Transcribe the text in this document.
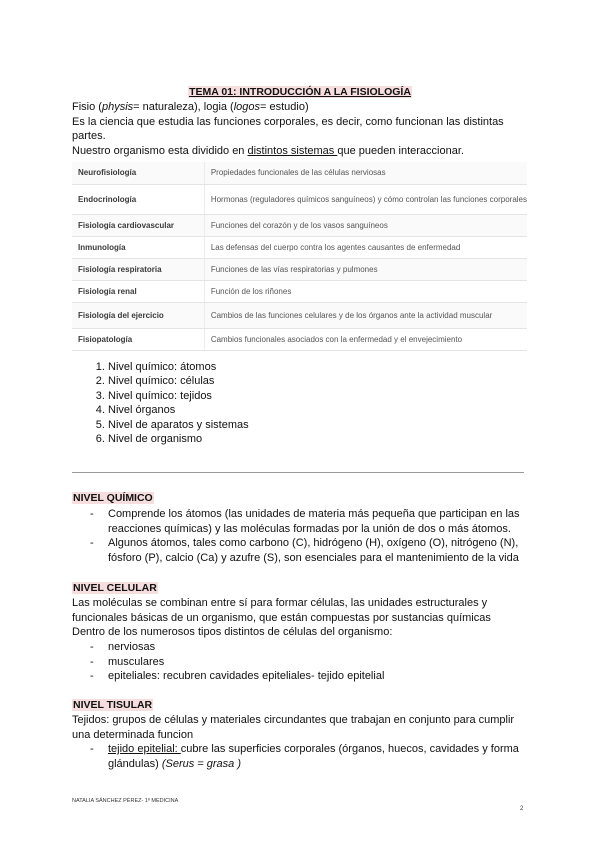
TEMA 01: INTRODUCCIÓN A LA FISIOLOGÍA
Fisio (physis= naturaleza), logia (logos= estudio)
Es la ciencia que estudia las funciones corporales, es decir, como funcionan las distintas partes.
Nuestro organismo esta dividido en distintos sistemas que pueden interaccionar.
Neurofisiología	Propiedades funcionales de las células nerviosas
Endocrinología	Hormonas (reguladores químicos sanguíneos) y cómo controlan las funciones corporales
Fisiología cardiovascular	Funciones del corazón y de los vasos sanguíneos
Inmunología	Las defensas del cuerpo contra los agentes causantes de enfermedad
Fisiología respiratoria	Funciones de las vías respiratorias y pulmones
Fisiología renal	Función de los riñones
Fisiología del ejercicio	Cambios de las funciones celulares y de los órganos ante la actividad muscular
Fisiopatología	Cambios funcionales asociados con la enfermedad y el envejecimiento
1. Nivel químico: átomos
2. Nivel químico: células
3. Nivel químico: tejidos
4. Nivel órganos
5. Nivel de aparatos y sistemas
6. Nivel de organismo
NIVEL QUÍMICO
- Comprende los átomos (las unidades de materia más pequeña que participan en las reacciones químicas) y las moléculas formadas por la unión de dos o más átomos.
- Algunos átomos, tales como carbono (C), hidrógeno (H), oxígeno (O), nitrógeno (N), fósforo (P), calcio (Ca) y azufre (S), son esenciales para el mantenimiento de la vida
NIVEL CELULAR
Las moléculas se combinan entre sí para formar células, las unidades estructurales y funcionales básicas de un organismo, que están compuestas por sustancias químicas
Dentro de los numerosos tipos distintos de células del organismo:
- nerviosas
- musculares
- epiteliales: recubren cavidades epiteliales- tejido epitelial
NIVEL TISULAR
Tejidos: grupos de células y materiales circundantes que trabajan en conjunto para cumplir una determinada funcion
- tejido epitelial: cubre las superficies corporales (órganos, huecos, cavidades y forma glándulas) (Serus = grasa )
NATALIA SÁNCHEZ PÉREZ- 1º MEDICINA
2
